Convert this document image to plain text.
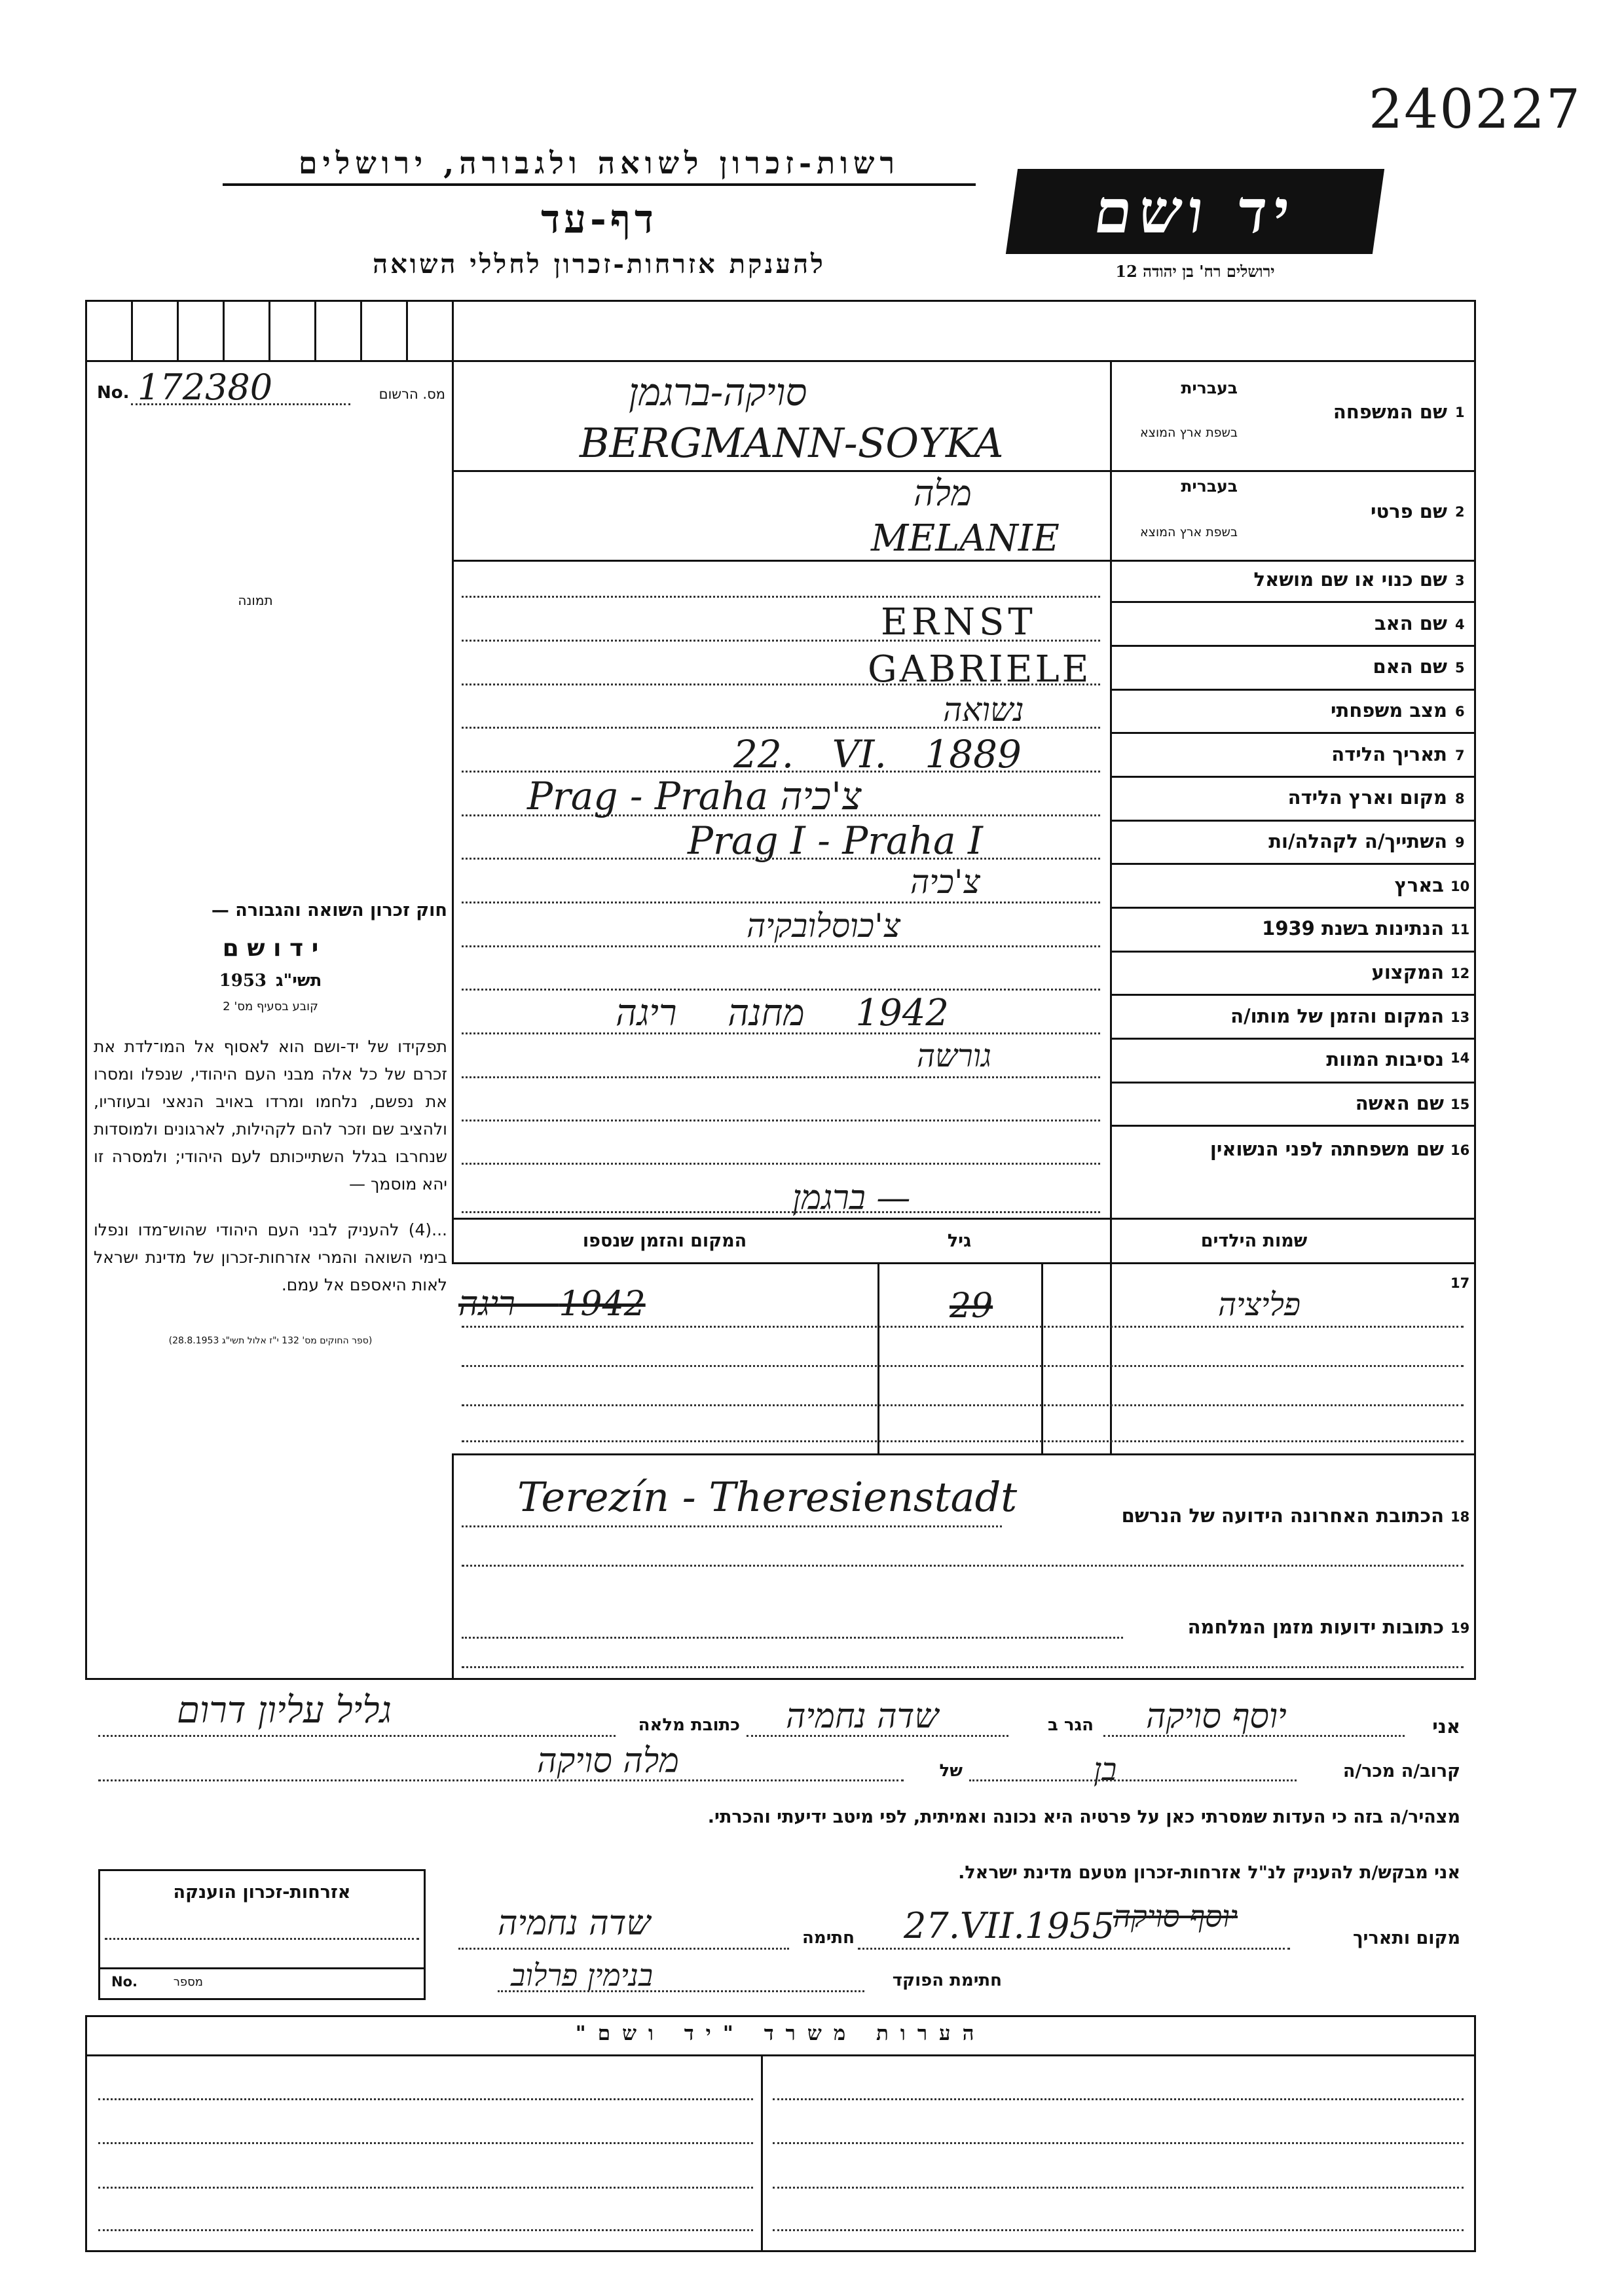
240227
רשות-זכרון לשואה ולגבורה, ירושלים
דף-עד
להענקת אזרחות-זכרון לחללי השואה
יד ושם
ירושלים רח' בן יהודה 12
No. 172380	מס. הרשום
תמונה
חוק זכרון השואה והגבורה —
י ד ו ש ם
1953 תשי"ג
קובע בסעיף מס' 2
תפקידו של יד-ושם הוא לאסוף אל המו־לדת את זכרם של כל אלה מבני העם היהודי, שנפלו ומסרו את נפשם, נלחמו ומרדו באויב הנאצי ובעוזריו, ולהציב שם וזכר להם לקהילות, לארגונים ולמוסדות שנחרבו בגלל השתייכותם לעם היהודי; ולמסרה זו יהא מוסמך —
...(4) להעניק לבני העם היהודי שהוש־מדו ונפלו בימי השואה והמרי אזרחות-זכרון של מדינת ישראל לאות היאספם אל עמם.
(ספר החוקים מס' 132 י"ז אלול תשי"ג 28.8.1953)
1
שם המשפחה
בעברית
בשפת ארץ המוצא
סויקה-ברגמן
BERGMANN-SOYKA
2
שם פרטי
בעברית
בשפת ארץ המוצא
מלה
MELANIE
3
שם כנוי או שם מושאל
4
שם האב
ERNST
5
שם האם
GABRIELE
6
מצב משפחתי
נשואה
7
תאריך הלידה
22. VI. 1889
8
מקום וארץ הלידה
Prag - Praha צ'כיה
9
השתייך/ה לקהלה/ות
Prag I - Praha I
10
בארץ
צ'כיה
11
הנתינות בשנת 1939
צ'כוסלובקיה
12
המקצוע
13
המקום והזמן של מותו/ה
1942 מחנה ריגה
14
נסיבות המוות
גורשה
15
שם האשה
16
שם משפחתה לפני הנשואין
— ברגמן
17
שמות הילדים
גיל
המקום והזמן שנספו
פליציה
29
1942 ריגה
18
הכתובת האחרונה הידועה של הנרשם
Terezín - Theresienstadt
19
כתובות ידועות מזמן המלחמה
אני
יוסף סויקה
הגר ב
שדה נחמיה
כתובת מלאה
גליל עליון דרום
קרוב/ה מכר/ה
בן
של
מלה סויקה
מצהיר/ה בזה כי העדות שמסרתי כאן על פרטיה היא נכונה ואמיתית, לפי מיטב ידיעתי והכרתי.
אני מבקש/ת להעניק לנ"ל אזרחות-זכרון מטעם מדינת ישראל.
אזרחות-זכרון הוענקה
No.	מספר
מקום ותאריך
יוסף סויקה
27.VII.1955
חתימה
שדה נחמיה
חתימת הפוקד
בנימין פרלוב
הערות משרד "יד ושם"
